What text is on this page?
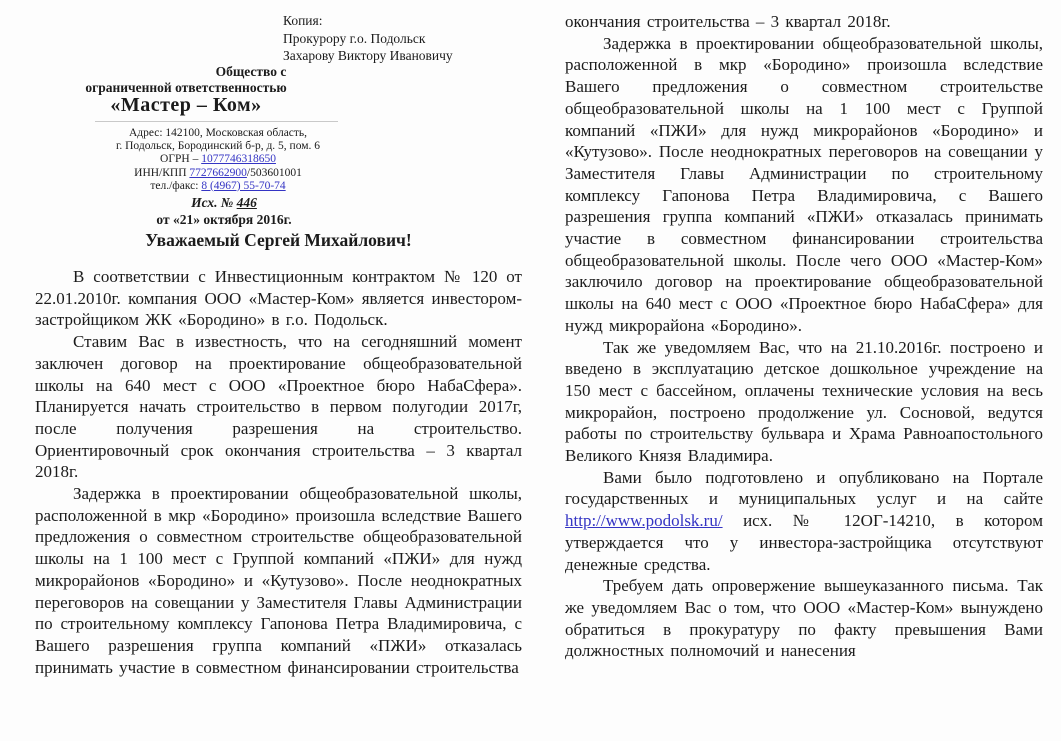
Копия:
Прокурору г.о. Подольск
Захарову Виктору Ивановичу
Общество с
ограниченной ответственностью
«Мастер – Ком»
Адрес: 142100, Московская область,
г. Подольск, Бородинский б-р, д. 5, пом. 6
ОГРН – 1077746318650
ИНН/КПП 7727662900/503601001
тел./факс: 8 (4967) 55-70-74
Исх. № 446
от «21» октября 2016г.
Уважаемый Сергей Михайлович!

В соответствии с Инвестиционным контрактом № 120 от 22.01.2010г. компания ООО «Мастер-Ком» является инвестором-застройщиком ЖК «Бородино» в г.о. Подольск.

Ставим Вас в известность, что на сегодняшний момент заключен договор на проектирование общеобразовательной школы на 640 мест с ООО «Проектное бюро НабаСфера». Планируется начать строительство в первом полугодии 2017г, после получения разрешения на строительство. Ориентировочный срок окончания строительства – 3 квартал 2018г.

Задержка в проектировании общеобразовательной школы, расположенной в мкр «Бородино» произошла вследствие Вашего предложения о совместном строительстве общеобразовательной школы на 1 100 мест с Группой компаний «ПЖИ» для нужд микрорайонов «Бородино» и «Кутузово». После неоднократных переговоров на совещании у Заместителя Главы Администрации по строительному комплексу Гапонова Петра Владимировича, с Вашего разрешения группа компаний «ПЖИ» отказалась принимать участие в совместном финансировании строительства

окончания строительства – 3 квартал 2018г.

Задержка в проектировании общеобразовательной школы, расположенной в мкр «Бородино» произошла вследствие Вашего предложения о совместном строительстве общеобразовательной школы на 1 100 мест с Группой компаний «ПЖИ» для нужд микрорайонов «Бородино» и «Кутузово». После неоднократных переговоров на совещании у Заместителя Главы Администрации по строительному комплексу Гапонова Петра Владимировича, с Вашего разрешения группа компаний «ПЖИ» отказалась принимать участие в совместном финансировании строительства общеобразовательной школы. После чего ООО «Мастер-Ком» заключило договор на проектирование общеобразовательной школы на 640 мест с ООО «Проектное бюро НабаСфера» для нужд микрорайона «Бородино».

Так же уведомляем Вас, что на 21.10.2016г. построено и введено в эксплуатацию детское дошкольное учреждение на 150 мест с бассейном, оплачены технические условия на весь микрорайон, построено продолжение ул. Сосновой, ведутся работы по строительству бульвара и Храма Равноапостольного Великого Князя Владимира.

Вами было подготовлено и опубликовано на Портале государственных и муниципальных услуг и на сайте http://www.podolsk.ru/ исх. № 12ОГ-14210, в котором утверждается что у инвестора-застройщика отсутствуют денежные средства.

Требуем дать опровержение вышеуказанного письма. Так же уведомляем Вас о том, что ООО «Мастер-Ком» вынуждено обратиться в прокуратуру по факту превышения Вами должностных полномочий и нанесения
